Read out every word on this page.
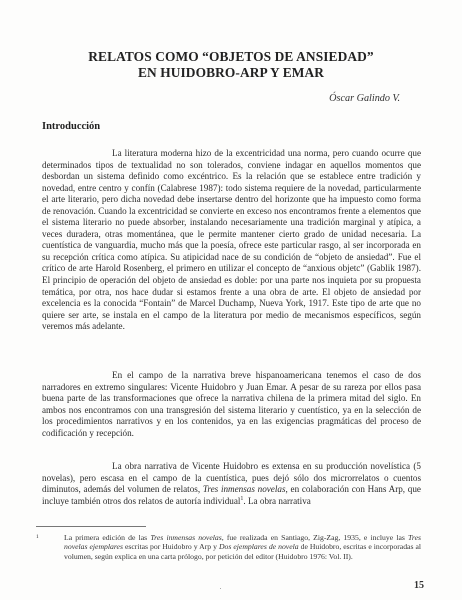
RELATOS COMO “OBJETOS DE ANSIEDAD”
EN HUIDOBRO-ARP Y EMAR
Óscar Galindo V.
Introducción

La literatura moderna hizo de la excentricidad una norma, pero cuando ocurre que determinados tipos de textualidad no son tolerados, conviene indagar en aquellos momentos que desbordan un sistema definido como excéntrico. Es la relación que se establece entre tradición y novedad, entre centro y confín (Calabrese 1987): todo sistema requiere de la novedad, particularmente el arte literario, pero dicha novedad debe insertarse dentro del horizonte que ha impuesto como forma de renovación. Cuando la excentricidad se convierte en exceso nos encontramos frente a elementos que el sistema literario no puede absorber, instalando necesariamente una tradición marginal y atípica, a veces duradera, otras momentánea, que le permite mantener cierto grado de unidad necesaria. La cuentística de vanguardia, mucho más que la poesía, ofrece este particular rasgo, al ser incorporada en su recepción crítica como atípica. Su atipicidad nace de su condición de “objeto de ansiedad”. Fue el crítico de arte Harold Rosenberg, el primero en utilizar el concepto de “anxious objetc” (Gablik 1987). El principio de operación del objeto de ansiedad es doble: por una parte nos inquieta por su propuesta temática, por otra, nos hace dudar si estamos frente a una obra de arte. El objeto de ansiedad por excelencia es la conocida “Fontain” de Marcel Duchamp, Nueva York, 1917. Este tipo de arte que no quiere ser arte, se instala en el campo de la literatura por medio de mecanismos específicos, según veremos más adelante.

En el campo de la narrativa breve hispanoamericana tenemos el caso de dos narradores en extremo singulares: Vicente Huidobro y Juan Emar. A pesar de su rareza por ellos pasa buena parte de las transformaciones que ofrece la narrativa chilena de la primera mitad del siglo. En ambos nos encontramos con una transgresión del sistema literario y cuentístico, ya en la selección de los procedimientos narrativos y en los contenidos, ya en las exigencias pragmáticas del proceso de codificación y recepción.

La obra narrativa de Vicente Huidobro es extensa en su producción novelística (5 novelas), pero escasa en el campo de la cuentística, pues dejó sólo dos microrrelatos o cuentos diminutos, además del volumen de relatos, Tres inmensas novelas, en colaboración con Hans Arp, que incluye también otros dos relatos de autoría individual$^1$. La obra narrativa

1	La primera edición de las Tres inmensas novelas, fue realizada en Santiago, Zig-Zag, 1935, e incluye las Tres novelas ejemplares escritas por Huidobro y Arp y Dos ejemplares de novela de Huidobro, escritas e incorporadas al volumen, según explica en una carta prólogo, por petición del editor (Huidobro 1976: Vol. II).
15
